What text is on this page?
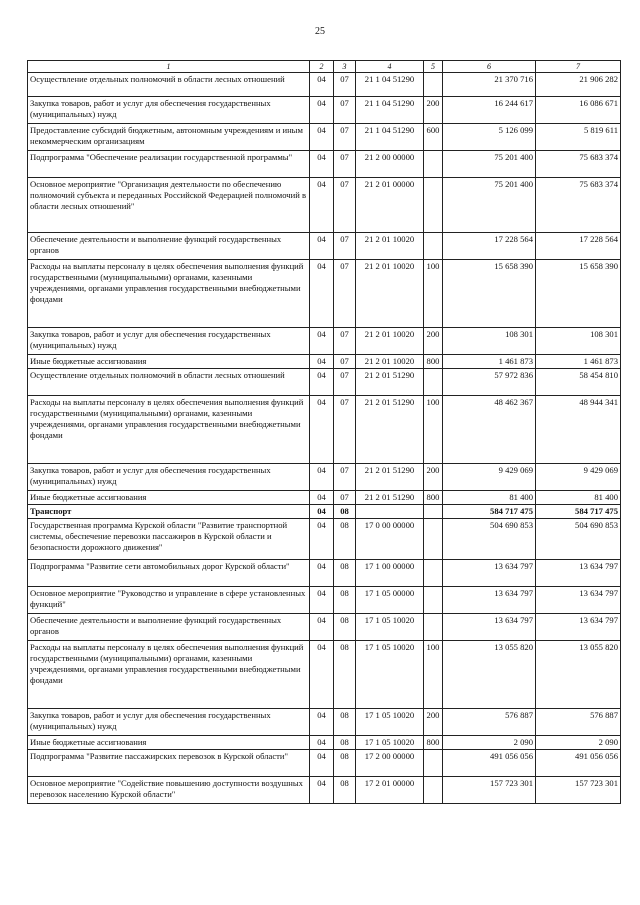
25
1	2	3	4	5	6	7
Осуществление отдельных полномочий в области лесных отношений	04	07	21 1 04 51290		21 370 716	21 906 282
Закупка товаров, работ и услуг для обеспечения государственных (муниципальных) нужд	04	07	21 1 04 51290	200	16 244 617	16 086 671
Предоставление субсидий бюджетным, автономным учреждениям и иным некоммерческим организациям	04	07	21 1 04 51290	600	5 126 099	5 819 611
Подпрограмма "Обеспечение реализации государственной программы"	04	07	21 2 00 00000		75 201 400	75 683 374
Основное мероприятие "Организация деятельности по обеспечению полномочий субъекта и переданных Российской Федерацией полномочий в области лесных отношений"	04	07	21 2 01 00000		75 201 400	75 683 374
Обеспечение деятельности и выполнение функций государственных органов	04	07	21 2 01 10020		17 228 564	17 228 564
Расходы на выплаты персоналу в целях обеспечения выполнения функций государственными (муниципальными) органами, казенными учреждениями, органами управления государственными внебюджетными фондами	04	07	21 2 01 10020	100	15 658 390	15 658 390
Закупка товаров, работ и услуг для обеспечения государственных (муниципальных) нужд	04	07	21 2 01 10020	200	108 301	108 301
Иные бюджетные ассигнования	04	07	21 2 01 10020	800	1 461 873	1 461 873
Осуществление отдельных полномочий в области лесных отношений	04	07	21 2 01 51290		57 972 836	58 454 810
Расходы на выплаты персоналу в целях обеспечения выполнения функций государственными (муниципальными) органами, казенными учреждениями, органами управления государственными внебюджетными фондами	04	07	21 2 01 51290	100	48 462 367	48 944 341
Закупка товаров, работ и услуг для обеспечения государственных (муниципальных) нужд	04	07	21 2 01 51290	200	9 429 069	9 429 069
Иные бюджетные ассигнования	04	07	21 2 01 51290	800	81 400	81 400
Транспорт	04	08			584 717 475	584 717 475
Государственная программа Курской области "Развитие транспортной системы, обеспечение перевозки пассажиров в Курской области и безопасности дорожного движения"	04	08	17 0 00 00000		504 690 853	504 690 853
Подпрограмма "Развитие сети автомобильных дорог Курской области"	04	08	17 1 00 00000		13 634 797	13 634 797
Основное мероприятие "Руководство и управление в сфере установленных функций"	04	08	17 1 05 00000		13 634 797	13 634 797
Обеспечение деятельности и выполнение функций государственных органов	04	08	17 1 05 10020		13 634 797	13 634 797
Расходы на выплаты персоналу в целях обеспечения выполнения функций государственными (муниципальными) органами, казенными учреждениями, органами управления государственными внебюджетными фондами	04	08	17 1 05 10020	100	13 055 820	13 055 820
Закупка товаров, работ и услуг для обеспечения государственных (муниципальных) нужд	04	08	17 1 05 10020	200	576 887	576 887
Иные бюджетные ассигнования	04	08	17 1 05 10020	800	2 090	2 090
Подпрограмма "Развитие пассажирских перевозок в Курской области"	04	08	17 2 00 00000		491 056 056	491 056 056
Основное мероприятие "Содействие повышению доступности воздушных перевозок населению Курской области"	04	08	17 2 01 00000		157 723 301	157 723 301
